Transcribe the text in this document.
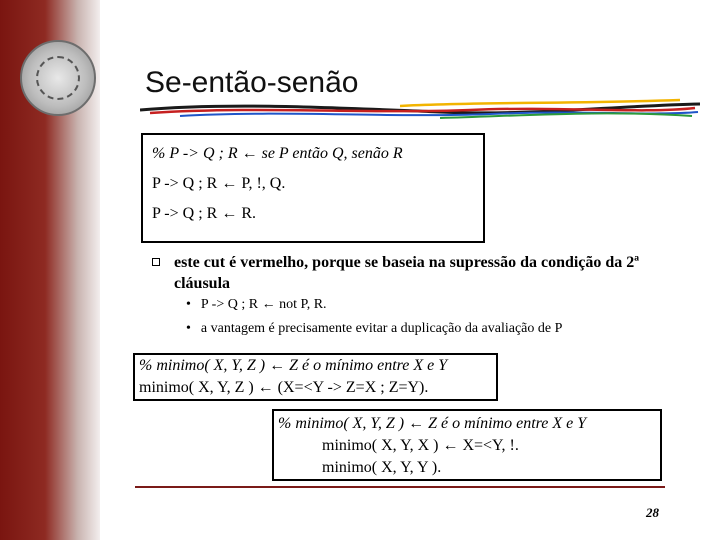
Se-então-senão
% P -> Q ; R ← se P então Q, senão R
P -> Q ; R ← P, !, Q.
P -> Q ; R ← R.
este cut é vermelho, porque se baseia na supressão da condição da 2ª cláusula
• P -> Q ; R ← not P, R.
• a vantagem é precisamente evitar a duplicação da avaliação de P
% minimo( X, Y, Z ) ← Z é o mínimo entre X e Y
minimo( X, Y, Z ) ← (X=<Y -> Z=X ; Z=Y).
% minimo( X, Y, Z ) ← Z é o mínimo entre X e Y
minimo( X, Y, X ) ← X=<Y, !.
minimo( X, Y, Y ).
28
